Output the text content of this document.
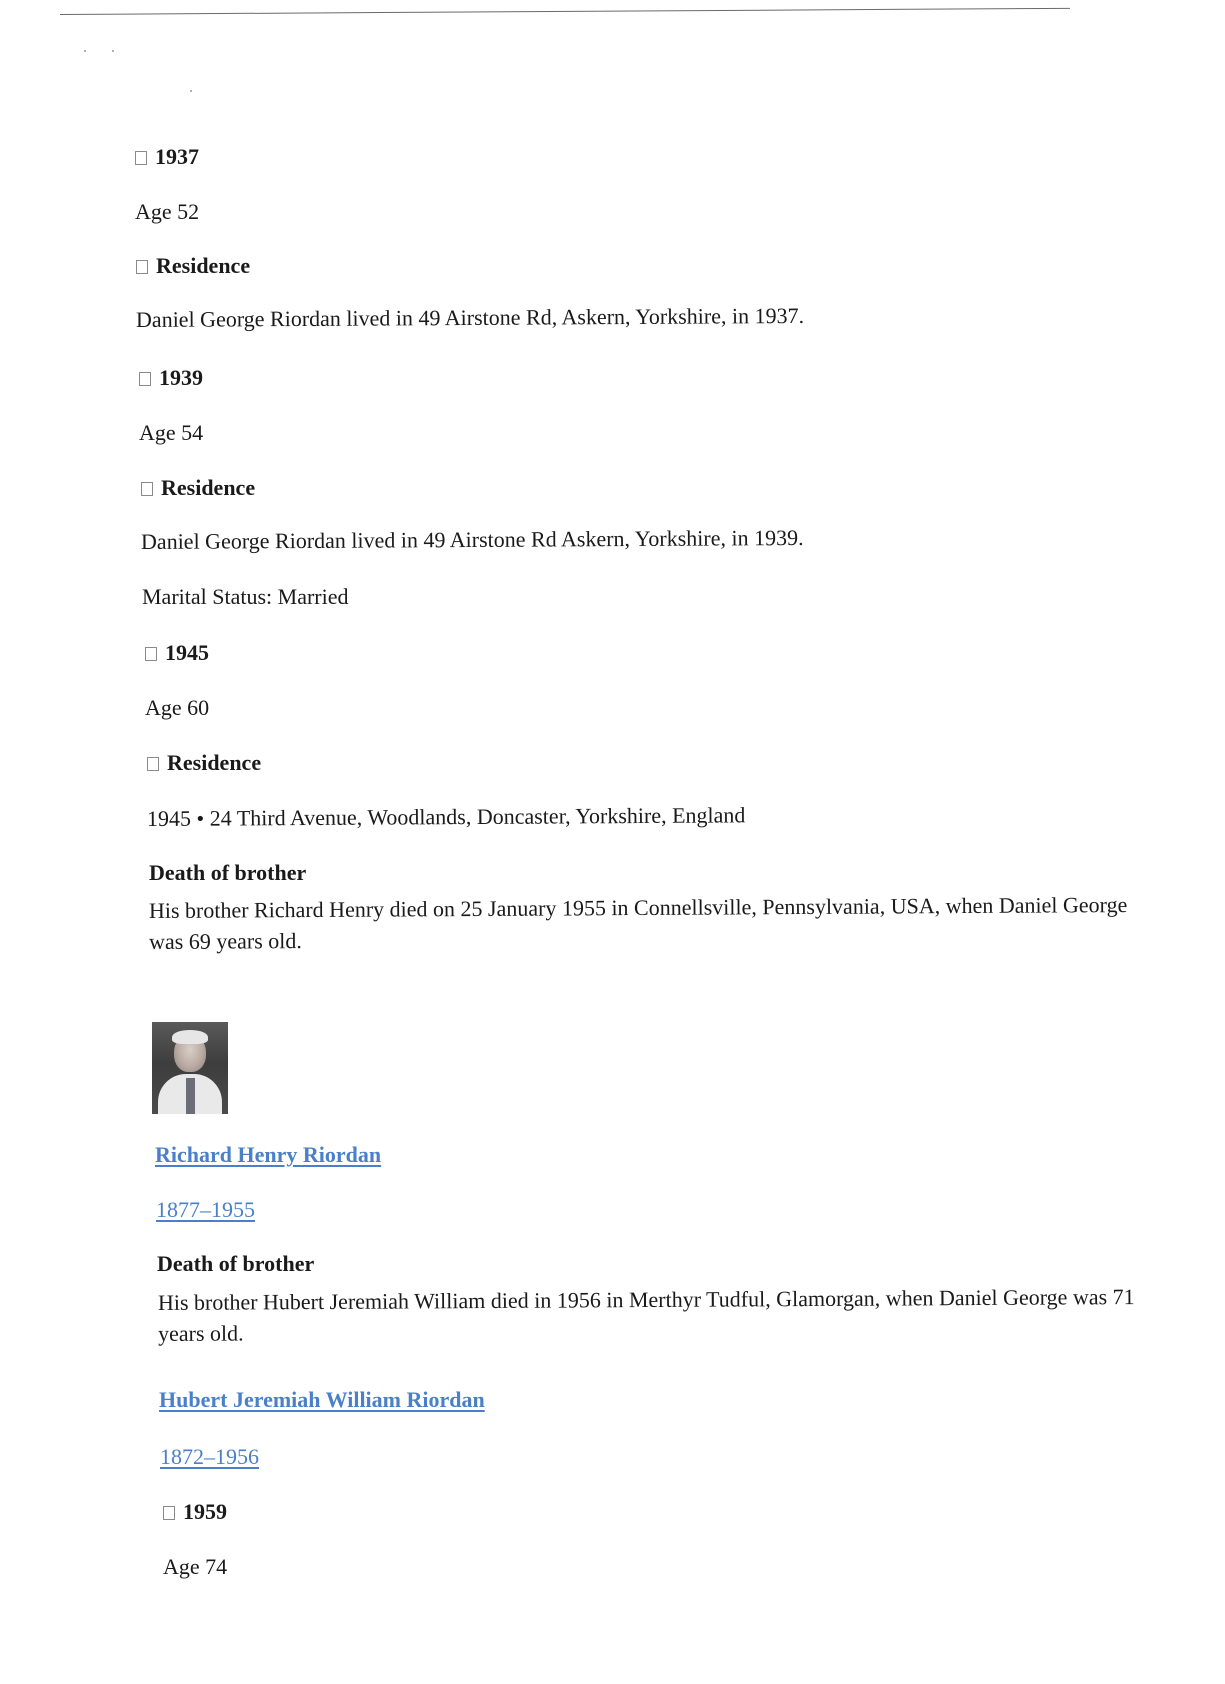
1937
Age 52
Residence
Daniel George Riordan lived in 49 Airstone Rd, Askern, Yorkshire, in 1937.
1939
Age 54
Residence
Daniel George Riordan lived in 49 Airstone Rd Askern, Yorkshire, in 1939.
Marital Status: Married
1945
Age 60
Residence
1945 • 24 Third Avenue, Woodlands, Doncaster, Yorkshire, England
Death of brother
His brother Richard Henry died on 25 January 1955 in Connellsville, Pennsylvania, USA, when Daniel George was 69 years old.
Richard Henry Riordan
1877–1955
Death of brother
His brother Hubert Jeremiah William died in 1956 in Merthyr Tudful, Glamorgan, when Daniel George was 71 years old.
Hubert Jeremiah William Riordan
1872–1956
1959
Age 74
